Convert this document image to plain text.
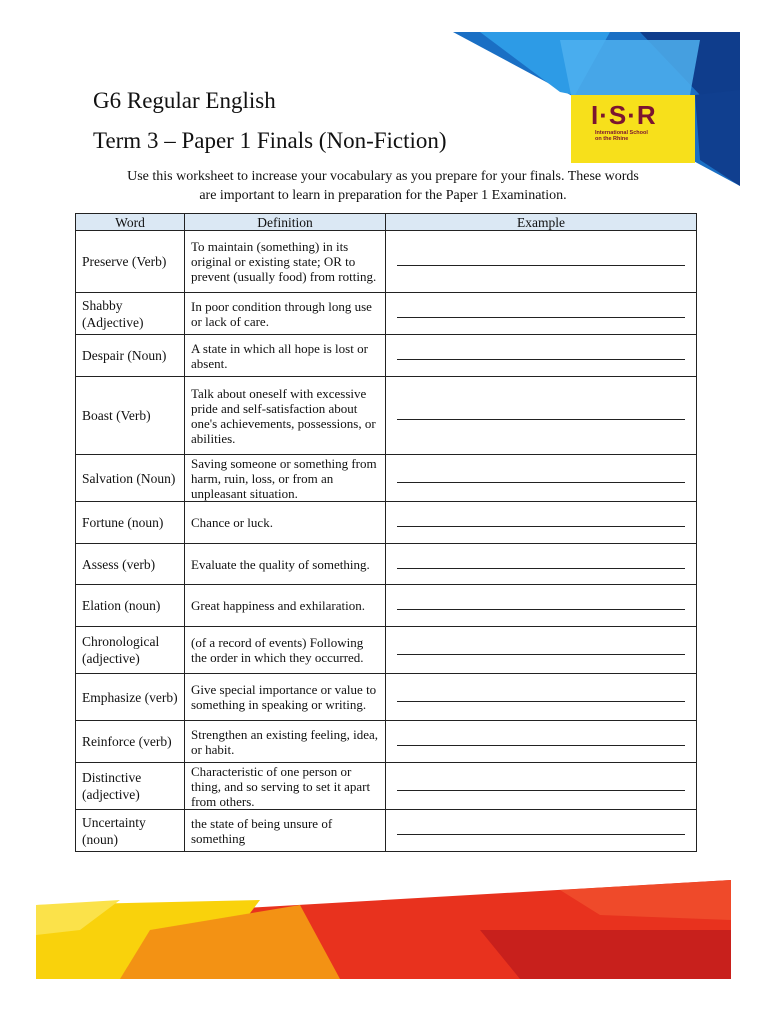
I·S·R
International School on the Rhine
G6 Regular English
Term 3 – Paper 1 Finals (Non-Fiction)
Use this worksheet to increase your vocabulary as you prepare for your finals. These words
are important to learn in preparation for the Paper 1 Examination.
Word	Definition	Example
Preserve (Verb)	To maintain (something) in its original or existing state; OR to prevent (usually food) from rotting.	
Shabby (Adjective)	In poor condition through long use or lack of care.	
Despair (Noun)	A state in which all hope is lost or absent.	
Boast (Verb)	Talk about oneself with excessive pride and self-satisfaction about one's achievements, possessions, or abilities.	
Salvation (Noun)	Saving someone or something from harm, ruin, loss, or from an unpleasant situation.	
Fortune (noun)	Chance or luck.	
Assess (verb)	Evaluate the quality of something.	
Elation (noun)	Great happiness and exhilaration.	
Chronological (adjective)	(of a record of events) Following the order in which they occurred.	
Emphasize (verb)	Give special importance or value to something in speaking or writing.	
Reinforce (verb)	Strengthen an existing feeling, idea, or habit.	
Distinctive (adjective)	Characteristic of one person or thing, and so serving to set it apart from others.	
Uncertainty (noun)	the state of being unsure of something	
